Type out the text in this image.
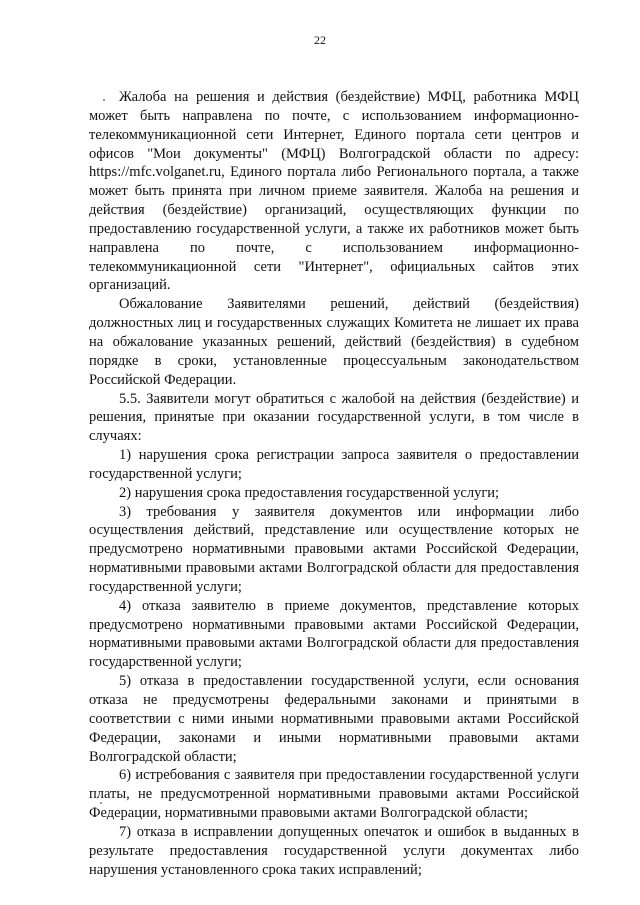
22

Жалоба на решения и действия (бездействие) МФЦ, работника МФЦ может быть направлена по почте, с использованием информационно-телекоммуникационной сети Интернет, Единого портала сети центров и офисов "Мои документы" (МФЦ) Волгоградской области по адресу: https://mfc.volganet.ru, Единого портала либо Регионального портала, а также может быть принята при личном приеме заявителя. Жалоба на решения и действия (бездействие) организаций, осуществляющих функции по предоставлению государственной услуги, а также их работников может быть направлена по почте, с использованием информационно-телекоммуникационной сети "Интернет", официальных сайтов этих организаций.

Обжалование Заявителями решений, действий (бездействия) должностных лиц и государственных служащих Комитета не лишает их права на обжалование указанных решений, действий (бездействия) в судебном порядке в сроки, установленные процессуальным законодательством Российской Федерации.

5.5. Заявители могут обратиться с жалобой на действия (бездействие) и решения, принятые при оказании государственной услуги, в том числе в случаях:

1) нарушения срока регистрации запроса заявителя о предоставлении государственной услуги;

2) нарушения срока предоставления государственной услуги;

3) требования у заявителя документов или информации либо осуществления действий, представление или осуществление которых не предусмотрено нормативными правовыми актами Российской Федерации, нормативными правовыми актами Волгоградской области для предоставления государственной услуги;

4) отказа заявителю в приеме документов, представление которых предусмотрено нормативными правовыми актами Российской Федерации, нормативными правовыми актами Волгоградской области для предоставления государственной услуги;

5) отказа в предоставлении государственной услуги, если основания отказа не предусмотрены федеральными законами и принятыми в соответствии с ними иными нормативными правовыми актами Российской Федерации, законами и иными нормативными правовыми актами Волгоградской области;

6) истребования с заявителя при предоставлении государственной услуги платы, не предусмотренной нормативными правовыми актами Российской Федерации, нормативными правовыми актами Волгоградской области;

7) отказа в исправлении допущенных опечаток и ошибок в выданных в результате предоставления государственной услуги документах либо нарушения установленного срока таких исправлений;
